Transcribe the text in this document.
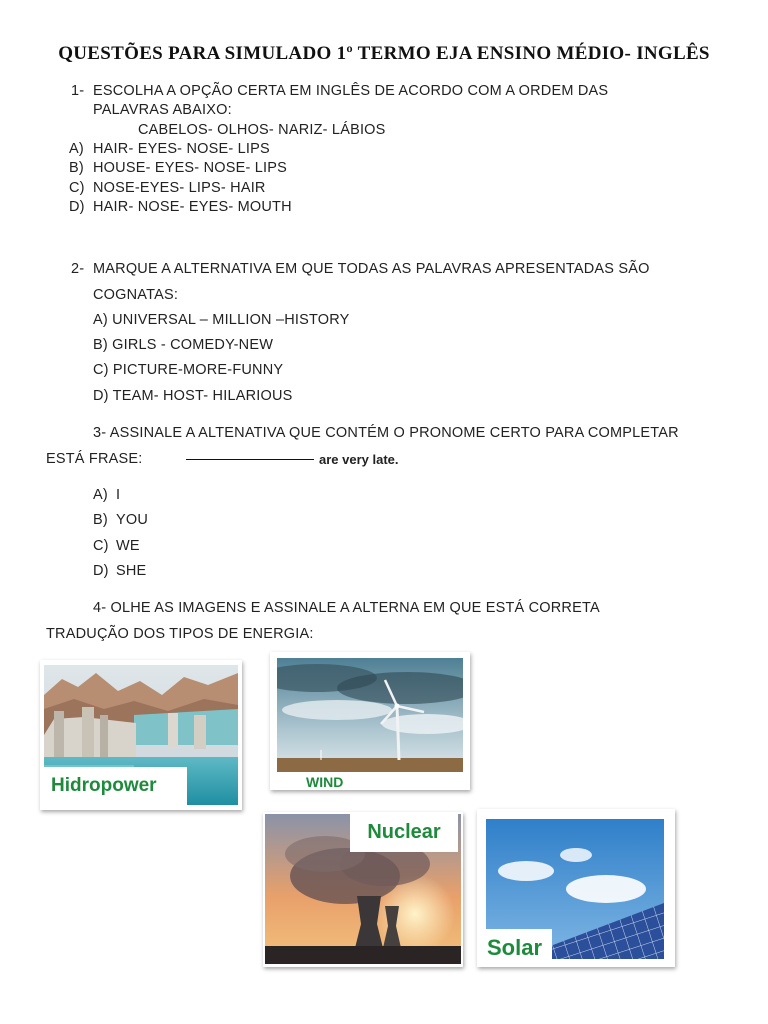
QUESTÕES PARA SIMULADO 1º TERMO EJA ENSINO MÉDIO- INGLÊS
1- ESCOLHA A OPÇÃO CERTA EM INGLÊS DE ACORDO COM A ORDEM DAS
PALAVRAS ABAIXO:
CABELOS- OLHOS- NARIZ- LÁBIOS
A) HAIR- EYES- NOSE- LIPS
B) HOUSE- EYES- NOSE- LIPS
C) NOSE-EYES- LIPS- HAIR
D) HAIR- NOSE- EYES- MOUTH
2- MARQUE A ALTERNATIVA EM QUE TODAS AS PALAVRAS APRESENTADAS SÃO
COGNATAS:
A) UNIVERSAL – MILLION –HISTORY
B) GIRLS - COMEDY-NEW
C) PICTURE-MORE-FUNNY
D) TEAM- HOST- HILARIOUS
3- ASSINALE A ALTENATIVA QUE CONTÉM O PRONOME CERTO PARA COMPLETAR
ESTÁ FRASE:	are very late.
A) I
B) YOU
C) WE
D) SHE
4- OLHE AS IMAGENS E ASSINALE A ALTERNA EM QUE ESTÁ CORRETA
TRADUÇÃO DOS TIPOS DE ENERGIA:
Hidropower	WIND
Nuclear
Solar
